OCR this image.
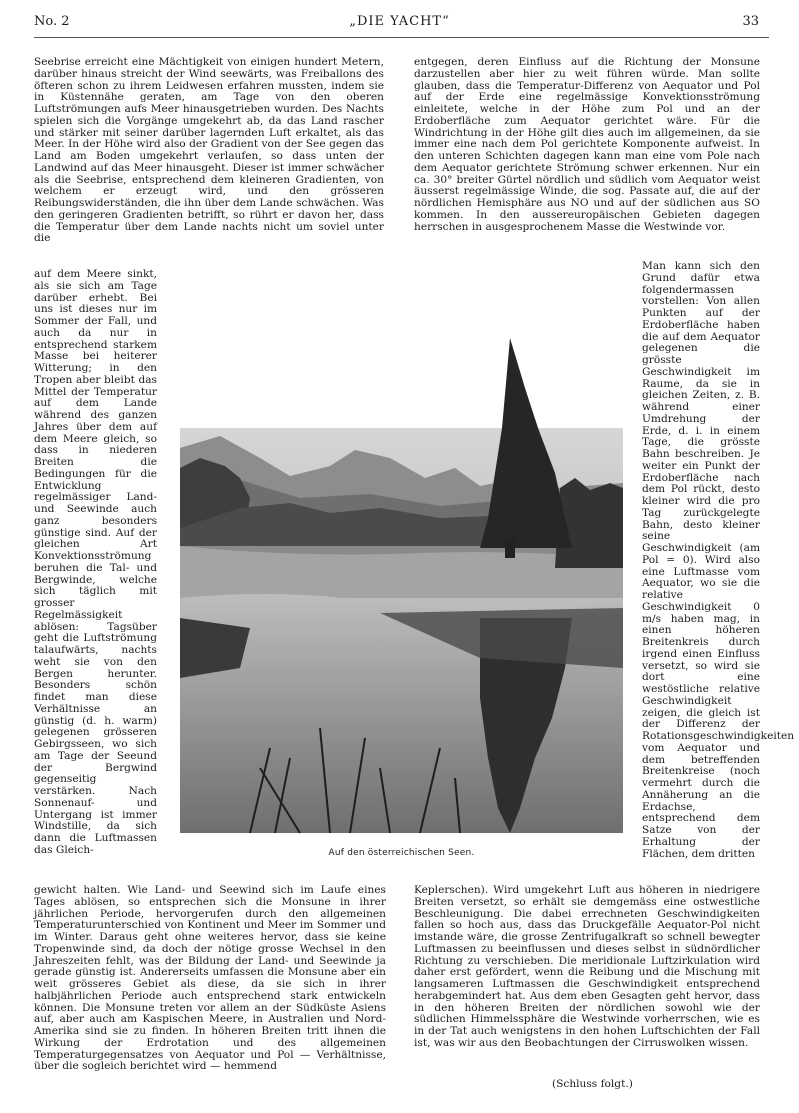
No. 2	„DIE YACHT“	33

Seebrise erreicht eine Mächtigkeit von einigen hundert Metern, darüber hinaus streicht der Wind seewärts, was Freiballons des öfteren schon zu ihrem Leidwesen erfahren mussten, indem sie in Küstennähe geraten, am Tage von den oberen Luftströmungen aufs Meer hinausgetrieben wurden. Des Nachts spielen sich die Vorgänge umgekehrt ab, da das Land rascher und stärker mit seiner darüber lagernden Luft erkaltet, als das Meer. In der Höhe wird also der Gradient von der See gegen das Land am Boden umgekehrt verlaufen, so dass unten der Landwind auf das Meer hinausgeht. Dieser ist immer schwächer als die Seebrise, entsprechend dem kleineren Gradienten, von welchem er erzeugt wird, und den grösseren Reibungswiderständen, die ihn über dem Lande schwächen. Was den geringeren Gradienten betrifft, so rührt er davon her, dass die Temperatur über dem Lande nachts nicht um soviel unter die

auf dem Meere sinkt, als sie sich am Tage darüber erhebt. Bei uns ist dieses nur im Sommer der Fall, und auch da nur in entsprechend starkem Masse bei heiterer Witterung; in den Tropen aber bleibt das Mittel der Temperatur auf dem Lande während des ganzen Jahres über dem auf dem Meere gleich, so dass in niederen Breiten die Bedingungen für die Entwicklung regelmässiger Land- und Seewinde auch ganz besonders günstige sind. Auf der gleichen Art Konvektionsströmung beruhen die Tal- und Bergwinde, welche sich täglich mit grosser Regelmässigkeit ablösen: Tagsüber geht die Luftströmung talaufwärts, nachts weht sie von den Bergen herunter. Besonders schön findet man diese Verhältnisse an günstig (d. h. warm) gelegenen grösseren Gebirgsseen, wo sich am Tage der Seeund der Bergwind gegenseitig verstärken. Nach Sonnenauf- und Untergang ist immer Windstille, da sich dann die Luftmassen das Gleich-

gewicht halten. Wie Land- und Seewind sich im Laufe eines Tages ablösen, so entsprechen sich die Monsune in ihrer jährlichen Periode, hervorgerufen durch den allgemeinen Temperaturunterschied von Kontinent und Meer im Sommer und im Winter. Daraus geht ohne weiteres hervor, dass sie keine Tropenwinde sind, da doch der nötige grosse Wechsel in den Jahreszeiten fehlt, was der Bildung der Land- und Seewinde ja gerade günstig ist. Andererseits umfassen die Monsune aber ein weit grösseres Gebiet als diese, da sie sich in ihrer halbjährlichen Periode auch entsprechend stark entwickeln können. Die Monsune treten vor allem an der Südküste Asiens auf, aber auch am Kaspischen Meere, in Australien und Nord-Amerika sind sie zu finden. In höheren Breiten tritt ihnen die Wirkung der Erdrotation und des allgemeinen Temperaturgegensatzes von Aequator und Pol — Verhältnisse, über die sogleich berichtet wird — hemmend

entgegen, deren Einfluss auf die Richtung der Monsune darzustellen aber hier zu weit führen würde. Man sollte glauben, dass die Temperatur-Differenz von Aequator und Pol auf der Erde eine regelmässige Konvektionsströmung einleitete, welche in der Höhe zum Pol und an der Erdoberfläche zum Aequator gerichtet wäre. Für die Windrichtung in der Höhe gilt dies auch im allgemeinen, da sie immer eine nach dem Pol gerichtete Komponente aufweist. In den unteren Schichten dagegen kann man eine vom Pole nach dem Aequator gerichtete Strömung schwer erkennen. Nur ein ca. 30° breiter Gürtel nördlich und südlich vom Aequator weist äusserst regelmässige Winde, die sog. Passate auf, die auf der nördlichen Hemisphäre aus NO und auf der südlichen aus SO kommen. In den aussereuropäischen Gebieten dagegen herrschen in ausgesprochenem Masse die Westwinde vor.

Man kann sich den Grund dafür etwa folgendermassen vorstellen: Von allen Punkten auf der Erdoberfläche haben die auf dem Aequator gelegenen die grösste Geschwindigkeit im Raume, da sie in gleichen Zeiten, z. B. während einer Umdrehung der Erde, d. i. in einem Tage, die grösste Bahn beschreiben. Je weiter ein Punkt der Erdoberfläche nach dem Pol rückt, desto kleiner wird die pro Tag zurückgelegte Bahn, desto kleiner seine Geschwindigkeit (am Pol = 0). Wird also eine Luftmasse vom Aequator, wo sie die relative Geschwindigkeit 0 m/s haben mag, in einen höheren Breitenkreis durch irgend einen Einfluss versetzt, so wird sie dort eine westöstliche relative Geschwindigkeit zeigen, die gleich ist der Differenz der Rotationsgeschwindigkeiten vom Aequator und dem betreffenden Breitenkreise (noch vermehrt durch die Annäherung an die Erdachse, entsprechend dem Satze von der Erhaltung der Flächen, dem dritten

Keplerschen). Wird umgekehrt Luft aus höheren in niedrigere Breiten versetzt, so erhält sie demgemäss eine ostwestliche Beschleunigung. Die dabei errechneten Geschwindigkeiten fallen so hoch aus, dass das Druckgefälle Aequator-Pol nicht imstande wäre, die grosse Zentrifugalkraft so schnell bewegter Luftmassen zu beeinflussen und dieses selbst in südnördlicher Richtung zu verschieben. Die meridionale Luftzirkulation wird daher erst gefördert, wenn die Reibung und die Mischung mit langsameren Luftmassen die Geschwindigkeit entsprechend herabgemindert hat. Aus dem eben Gesagten geht hervor, dass in den höheren Breiten der nördlichen sowohl wie der südlichen Himmelssphäre die Westwinde vorherrschen, wie es in der Tat auch wenigstens in den hohen Luftschichten der Fall ist, was wir aus den Beobachtungen der Cirruswolken wissen.

(Schluss folgt.)
Auf den österreichischen Seen.
